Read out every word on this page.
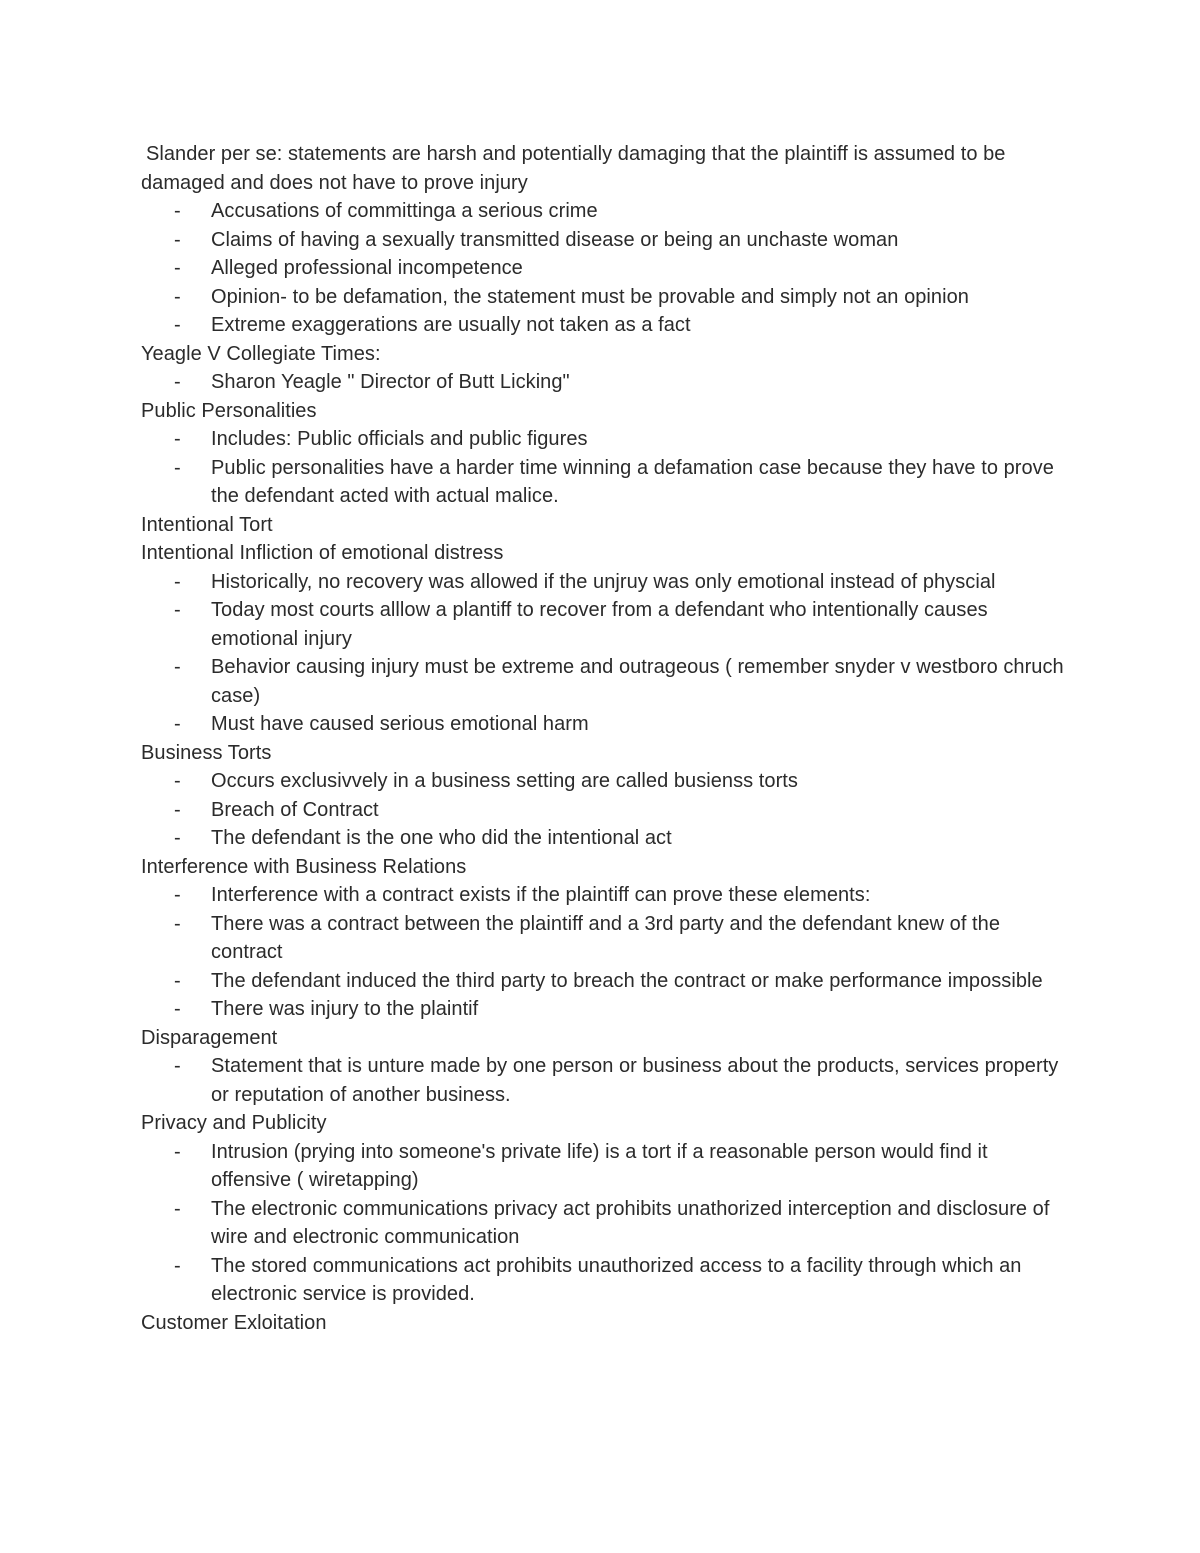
Slander per se: statements are harsh and potentially damaging that the plaintiff is assumed to be damaged and does not have to prove injury

- Accusations of committinga a serious crime
- Claims of having a sexually transmitted disease or being an unchaste woman
- Alleged professional incompetence
- Opinion- to be defamation, the statement must be provable and simply not an opinion
- Extreme exaggerations are usually not taken as a fact

Yeagle V Collegiate Times:

- Sharon Yeagle " Director of Butt Licking"

Public Personalities

- Includes: Public officials and public figures
- Public personalities have a harder time winning a defamation case because they have to prove the defendant acted with actual malice.

Intentional Tort

Intentional Infliction of emotional distress

- Historically, no recovery was allowed if the unjruy was only emotional instead of physcial
- Today most courts alllow a plantiff to recover from a defendant who intentionally causes emotional injury
- Behavior causing injury must be extreme and outrageous ( remember snyder v westboro chruch case)
- Must have caused serious emotional harm

Business Torts

- Occurs exclusivvely in a business setting are called busienss torts
- Breach of Contract
- The defendant is the one who did the intentional act

Interference with Business Relations

- Interference with a contract exists if the plaintiff can prove these elements:
- There was a contract between the plaintiff and a 3rd party and the defendant knew of the contract
- The defendant induced the third party to breach the contract or make performance impossible
- There was injury to the plaintif

Disparagement

- Statement that is unture made by one person or business about the products, services property or reputation of another business.

Privacy and Publicity

- Intrusion (prying into someone's private life) is a tort if a reasonable person would find it offensive ( wiretapping)
- The electronic communications privacy act prohibits unathorized interception and disclosure of wire and electronic communication
- The stored communications act prohibits unauthorized access to a facility through which an electronic service is provided.

Customer Exloitation
